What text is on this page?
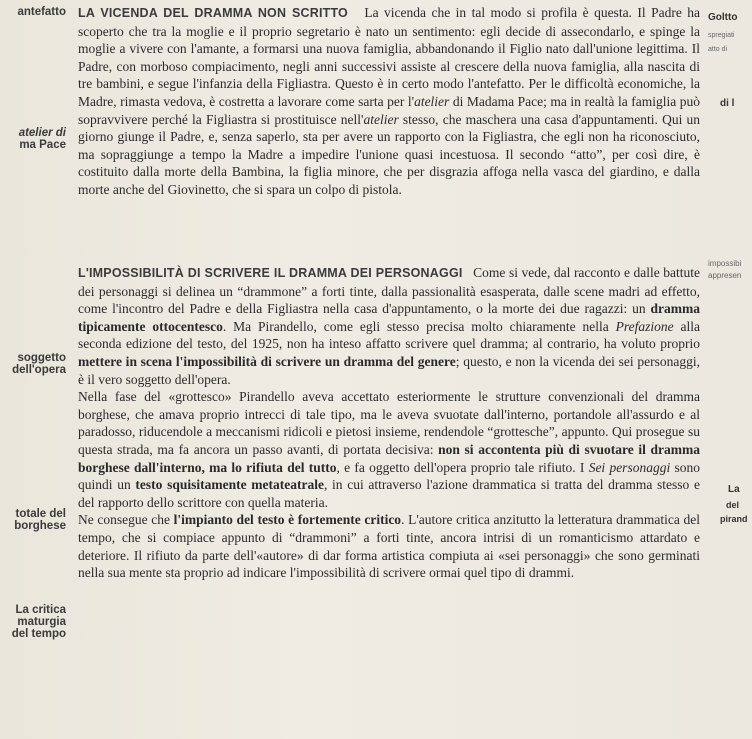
antefatto
atelier di
ma Pace
soggetto
dell'opera
totale del
borghese
La critica
maturgia
del tempo
Goltto
spregiati
atto di
di l
impossibi
appresen
La
del
pirand

LA VICENDA DEL DRAMMA NON SCRITTO La vicenda che in tal modo si profila è questa. Il Padre ha scoperto che tra la moglie e il proprio segretario è nato un sentimento: egli decide di assecondarlo, e spinge la moglie a vivere con l'amante, a formarsi una nuova famiglia, abbandonando il Figlio nato dall'unione legittima. Il Padre, con morboso compiacimento, negli anni successivi assiste al crescere della nuova famiglia, alla nascita di tre bambini, e segue l'infanzia della Figliastra. Questo è in certo modo l'antefatto. Per le difficoltà economiche, la Madre, rimasta vedova, è costretta a lavorare come sarta per l'atelier di Madama Pace; ma in realtà la famiglia può sopravvivere perché la Figliastra si prostituisce nell'atelier stesso, che maschera una casa d'appuntamenti. Qui un giorno giunge il Padre, e, senza saperlo, sta per avere un rapporto con la Figliastra, che egli non ha riconosciuto, ma sopraggiunge a tempo la Madre a impedire l'unione quasi incestuosa. Il secondo “atto”, per così dire, è costituito dalla morte della Bambina, la figlia minore, che per disgrazia affoga nella vasca del giardino, e dalla morte anche del Giovinetto, che si spara un colpo di pistola.

L'IMPOSSIBILITÀ DI SCRIVERE IL DRAMMA DEI PERSONAGGI Come si vede, dal racconto e dalle battute dei personaggi si delinea un “drammone” a forti tinte, dalla passionalità esasperata, dalle scene madri ad effetto, come l'incontro del Padre e della Figliastra nella casa d'appuntamento, o la morte dei due ragazzi: un dramma tipicamente ottocentesco. Ma Pirandello, come egli stesso precisa molto chiaramente nella Prefazione alla seconda edizione del testo, del 1925, non ha inteso affatto scrivere quel dramma; al contrario, ha voluto proprio mettere in scena l'impossibilità di scrivere un dramma del genere; questo, e non la vicenda dei sei personaggi, è il vero soggetto dell'opera.

Nella fase del «grottesco» Pirandello aveva accettato esteriormente le strutture convenzionali del dramma borghese, che amava proprio intrecci di tale tipo, ma le aveva svuotate dall'interno, portandole all'assurdo e al paradosso, riducendole a meccanismi ridicoli e pietosi insieme, rendendole “grottesche”, appunto. Qui prosegue su questa strada, ma fa ancora un passo avanti, di portata decisiva: non si accontenta più di svuotare il dramma borghese dall'interno, ma lo rifiuta del tutto, e fa oggetto dell'opera proprio tale rifiuto. I Sei personaggi sono quindi un testo squisitamente metateatrale, in cui attraverso l'azione drammatica si tratta del dramma stesso e del rapporto dello scrittore con quella materia.

Ne consegue che l'impianto del testo è fortemente critico. L'autore critica anzitutto la letteratura drammatica del tempo, che si compiace appunto di “drammoni” a forti tinte, ancora intrisi di un romanticismo attardato e deteriore. Il rifiuto da parte dell'«autore» di dar forma artistica compiuta ai «sei personaggi» che sono germinati nella sua mente sta proprio ad indicare l'impossibilità di scrivere ormai quel tipo di drammi.
